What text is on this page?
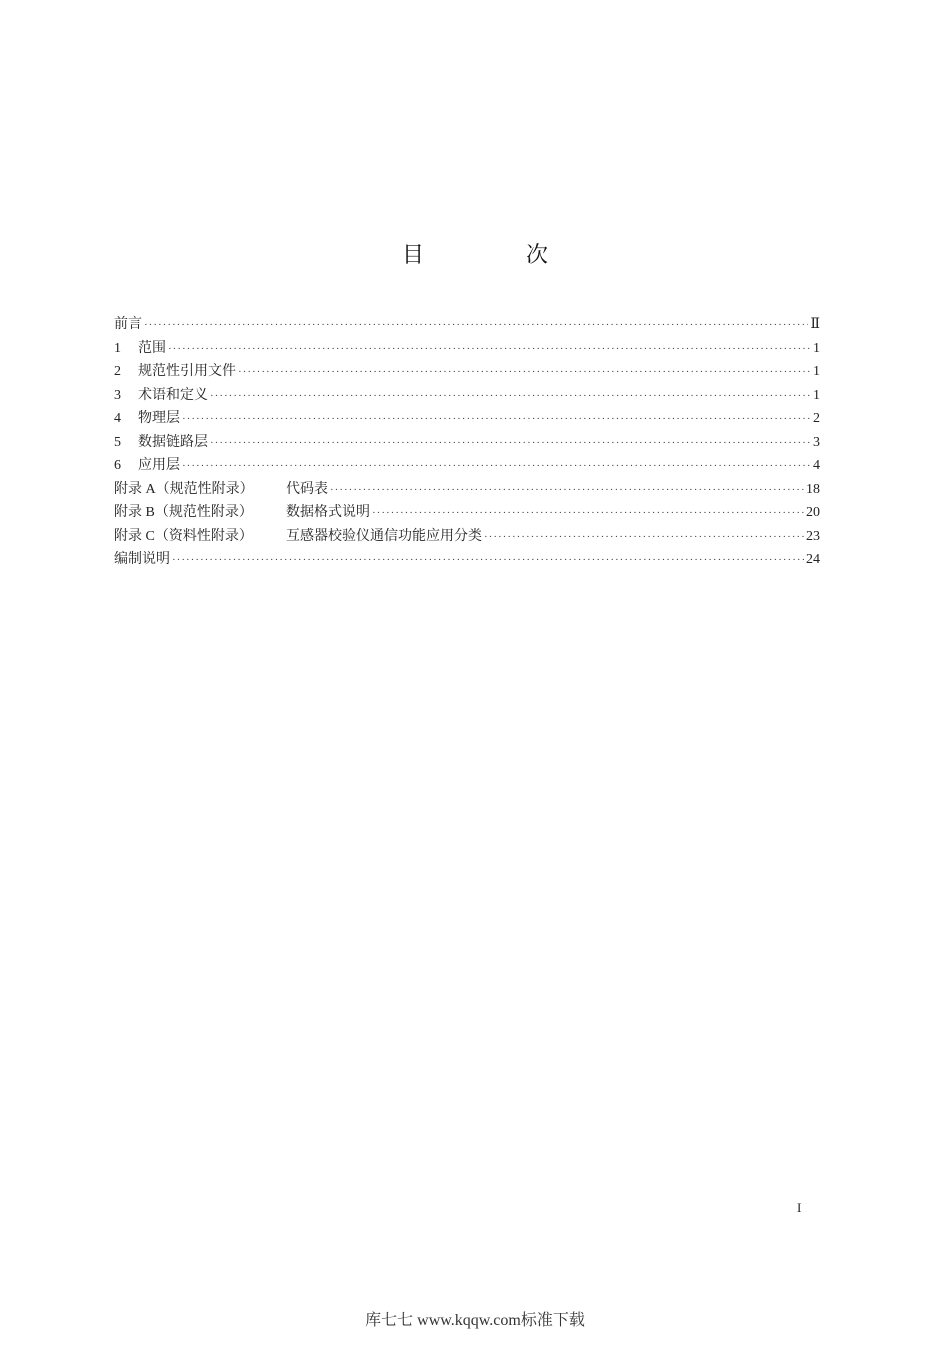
目　次
前言 ·····	Ⅱ
1	范围 ·····	1
2	规范性引用文件 ·····	1
3	术语和定义 ·····	1
4	物理层 ·····	2
5	数据链路层 ·····	3
6	应用层 ·····	4
附录 A（规范性附录）	代码表 ·····	18
附录 B（规范性附录）	数据格式说明 ·····	20
附录 C（资料性附录）	互感器校验仪通信功能应用分类 ·····	23
编制说明 ·····	24
I
库七七 www.kqqw.com标准下载
